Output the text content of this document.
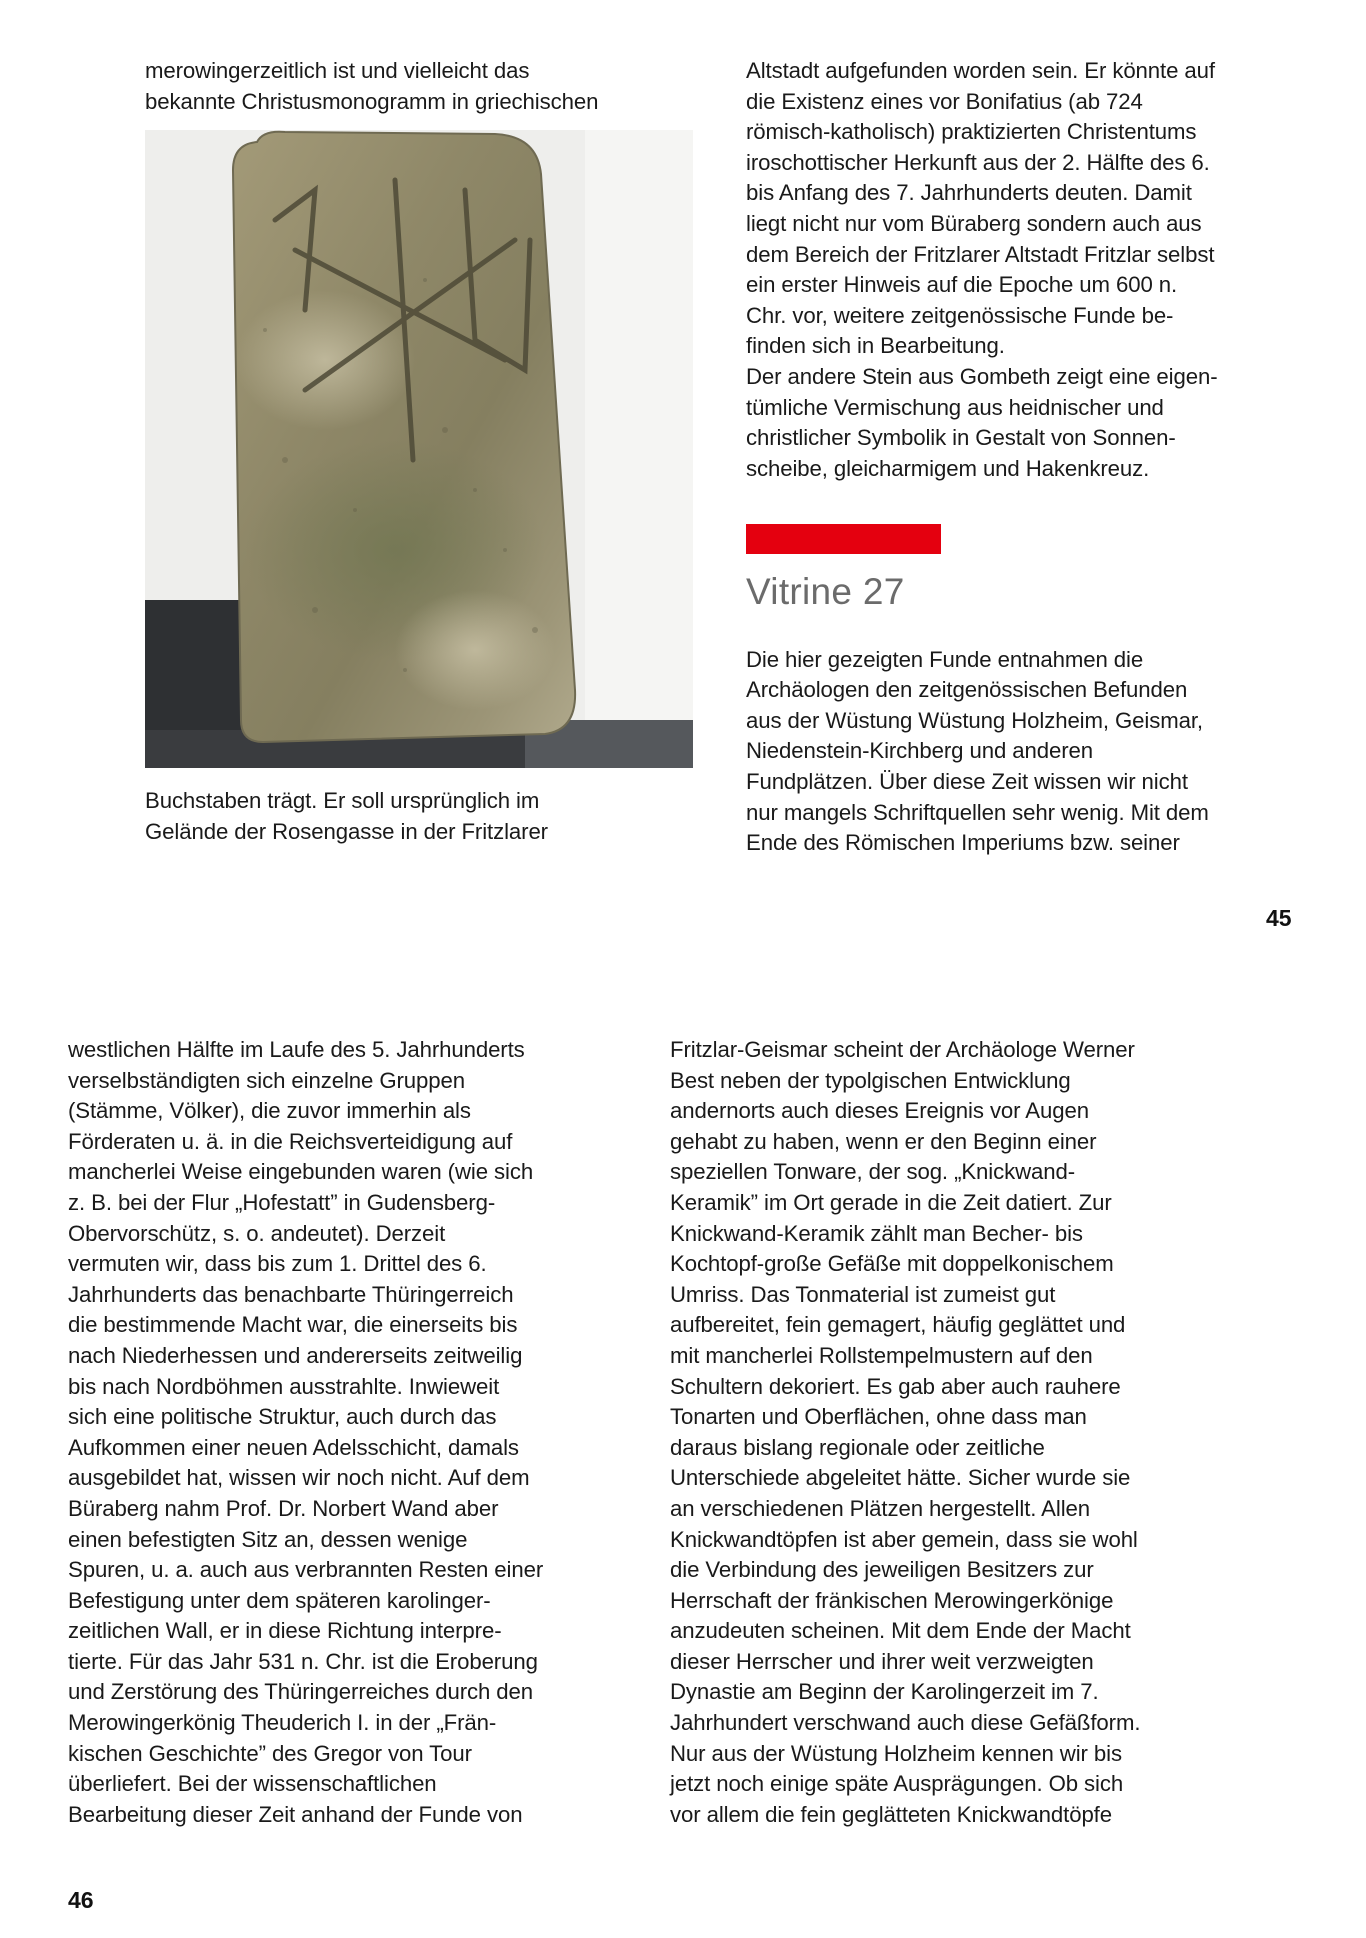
merowingerzeitlich ist und vielleicht das
bekannte Christusmonogramm in griechischen
Buchstaben trägt. Er soll ursprünglich im
Gelände der Rosengasse in der Fritzlarer
Altstadt aufgefunden worden sein. Er könnte auf
die Existenz eines vor Bonifatius (ab 724
römisch-katholisch) praktizierten Christentums
iroschottischer Herkunft aus der 2. Hälfte des 6.
bis Anfang des 7. Jahrhunderts deuten. Damit
liegt nicht nur vom Büraberg sondern auch aus
dem Bereich der Fritzlarer Altstadt Fritzlar selbst
ein erster Hinweis auf die Epoche um 600 n.
Chr. vor, weitere zeitgenössische Funde be-
finden sich in Bearbeitung.
Der andere Stein aus Gombeth zeigt eine eigen-
tümliche Vermischung aus heidnischer und
christlicher Symbolik in Gestalt von Sonnen-
scheibe, gleicharmigem und Hakenkreuz.
Vitrine 27
Die hier gezeigten Funde entnahmen die
Archäologen den zeitgenössischen Befunden
aus der Wüstung Wüstung Holzheim, Geismar,
Niedenstein-Kirchberg und anderen
Fundplätzen. Über diese Zeit wissen wir nicht
nur mangels Schriftquellen sehr wenig. Mit dem
Ende des Römischen Imperiums bzw. seiner
45
westlichen Hälfte im Laufe des 5. Jahrhunderts
verselbständigten sich einzelne Gruppen
(Stämme, Völker), die zuvor immerhin als
Förderaten u. ä. in die Reichsverteidigung auf
mancherlei Weise eingebunden waren (wie sich
z. B. bei der Flur „Hofestatt” in Gudensberg-
Obervorschütz, s. o. andeutet). Derzeit
vermuten wir, dass bis zum 1. Drittel des 6.
Jahrhunderts das benachbarte Thüringerreich
die bestimmende Macht war, die einerseits bis
nach Niederhessen und andererseits zeitweilig
bis nach Nordböhmen ausstrahlte. Inwieweit
sich eine politische Struktur, auch durch das
Aufkommen einer neuen Adelsschicht, damals
ausgebildet hat, wissen wir noch nicht. Auf dem
Büraberg nahm Prof. Dr. Norbert Wand aber
einen befestigten Sitz an, dessen wenige
Spuren, u. a. auch aus verbrannten Resten einer
Befestigung unter dem späteren karolinger-
zeitlichen Wall, er in diese Richtung interpre-
tierte. Für das Jahr 531 n. Chr. ist die Eroberung
und Zerstörung des Thüringerreiches durch den
Merowingerkönig Theuderich I. in der „Frän-
kischen Geschichte” des Gregor von Tour
überliefert. Bei der wissenschaftlichen
Bearbeitung dieser Zeit anhand der Funde von
Fritzlar-Geismar scheint der Archäologe Werner
Best neben der typolgischen Entwicklung
andernorts auch dieses Ereignis vor Augen
gehabt zu haben, wenn er den Beginn einer
speziellen Tonware, der sog. „Knickwand-
Keramik” im Ort gerade in die Zeit datiert. Zur
Knickwand-Keramik zählt man Becher- bis
Kochtopf-große Gefäße mit doppelkonischem
Umriss. Das Tonmaterial ist zumeist gut
aufbereitet, fein gemagert, häufig geglättet und
mit mancherlei Rollstempelmustern auf den
Schultern dekoriert. Es gab aber auch rauhere
Tonarten und Oberflächen, ohne dass man
daraus bislang regionale oder zeitliche
Unterschiede abgeleitet hätte. Sicher wurde sie
an verschiedenen Plätzen hergestellt. Allen
Knickwandtöpfen ist aber gemein, dass sie wohl
die Verbindung des jeweiligen Besitzers zur
Herrschaft der fränkischen Merowingerkönige
anzudeuten scheinen. Mit dem Ende der Macht
dieser Herrscher und ihrer weit verzweigten
Dynastie am Beginn der Karolingerzeit im 7.
Jahrhundert verschwand auch diese Gefäßform.
Nur aus der Wüstung Holzheim kennen wir bis
jetzt noch einige späte Ausprägungen. Ob sich
vor allem die fein geglätteten Knickwandtöpfe
46
